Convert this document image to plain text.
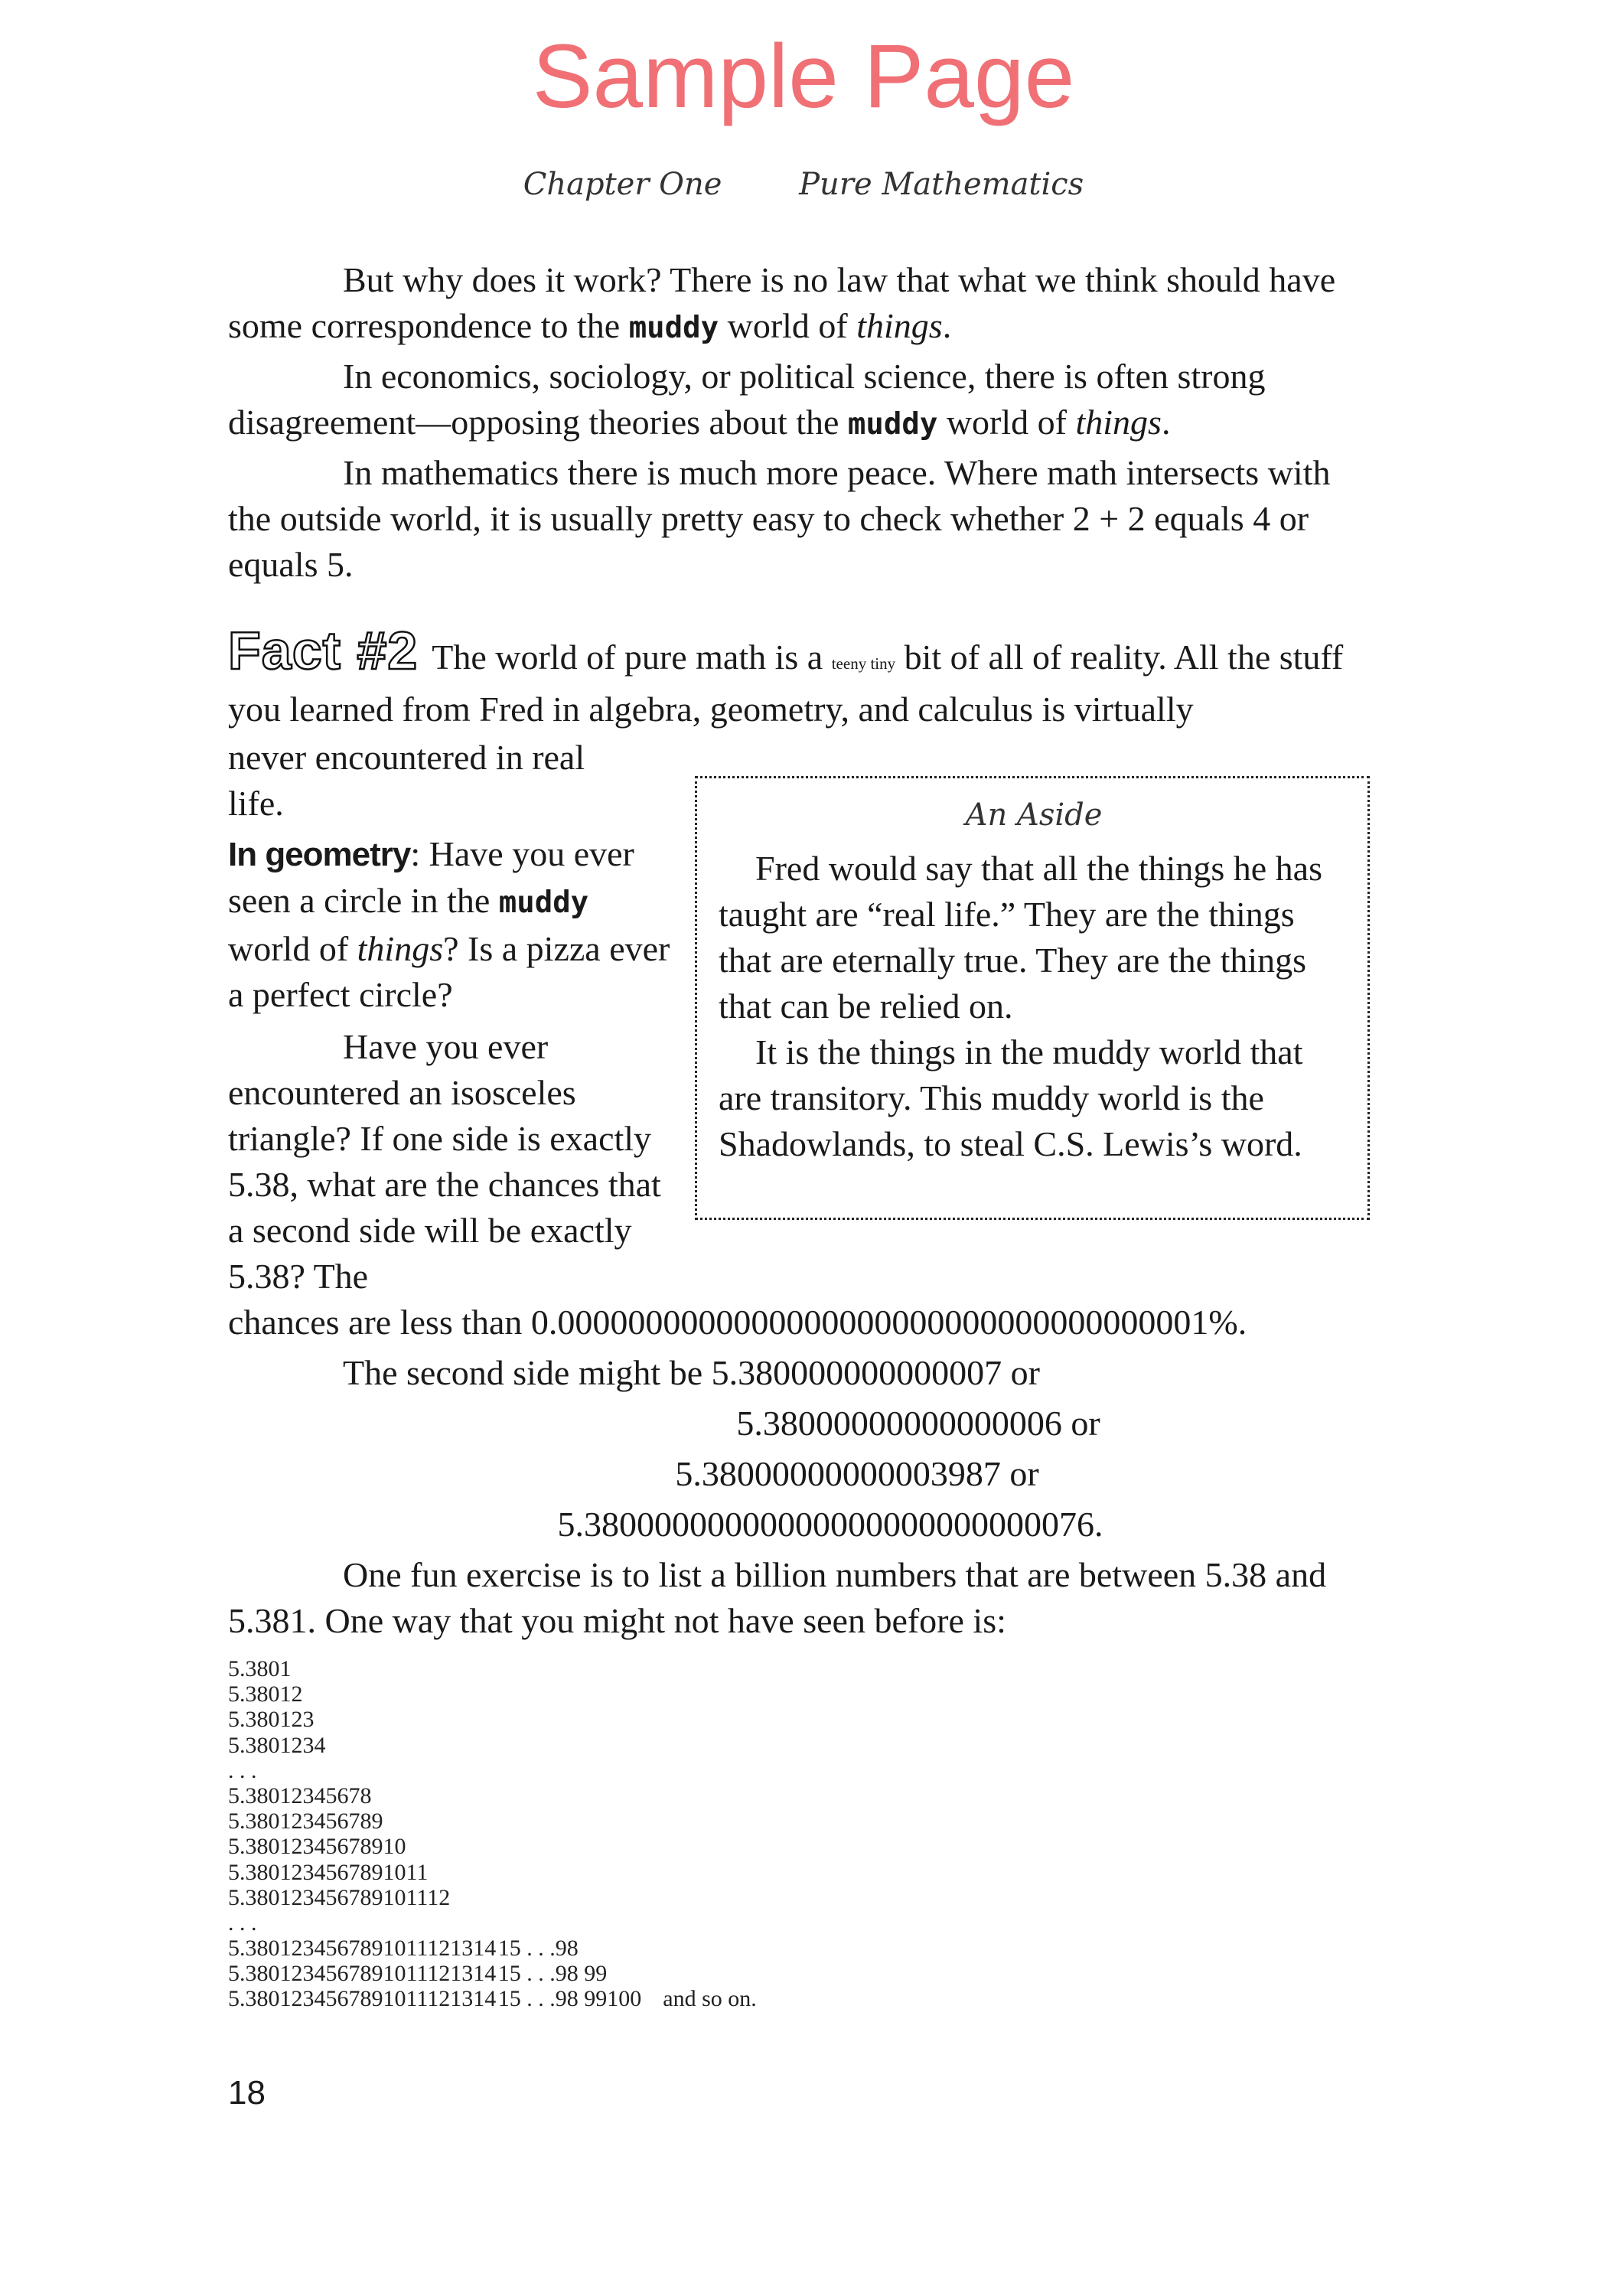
Sample Page
Chapter One	Pure Mathematics

But why does it work? There is no law that what we think should have some correspondence to the muddy world of things.

In economics, sociology, or political science, there is often strong disagreement—opposing theories about the muddy world of things.

In mathematics there is much more peace. Where math intersects with the outside world, it is usually pretty easy to check whether 2 + 2 equals 4 or equals 5.

Fact #2 The world of pure math is a teeny tiny bit of all of reality. All the stuff you learned from Fred in algebra, geometry, and calculus is virtually

never encountered in real

life.

In geometry: Have you ever seen a circle in the muddy world of things? Is a pizza ever a perfect circle?

Have you ever encountered an isosceles triangle? If one side is exactly 5.38, what are the chances that a second side will be exactly 5.38? The

An Aside

Fred would say that all the things he has taught are “real life.” They are the things that are eternally true. They are the things that can be relied on.

It is the things in the muddy world that are transitory. This muddy world is the Shadowlands, to steal C.S. Lewis’s word.

chances are less than 0.0000000000000000000000000000000000001%.

The second side might be 5.380000000000007 or

5.38000000000000006 or
5.38000000000003987 or
5.38000000000000000000000000076.

One fun exercise is to list a billion numbers that are between 5.38 and 5.381. One way that you might not have seen before is:

5.3801
5.38012
5.380123
5.3801234
. . .
5.38012345678
5.380123456789
5.38012345678910
5.3801234567891011
5.380123456789101112
. . .
5.3801234567891011121314 15 . . .98
5.3801234567891011121314 15 . . .98 99
5.3801234567891011121314 15 . . .98 99100 and so on.
18
